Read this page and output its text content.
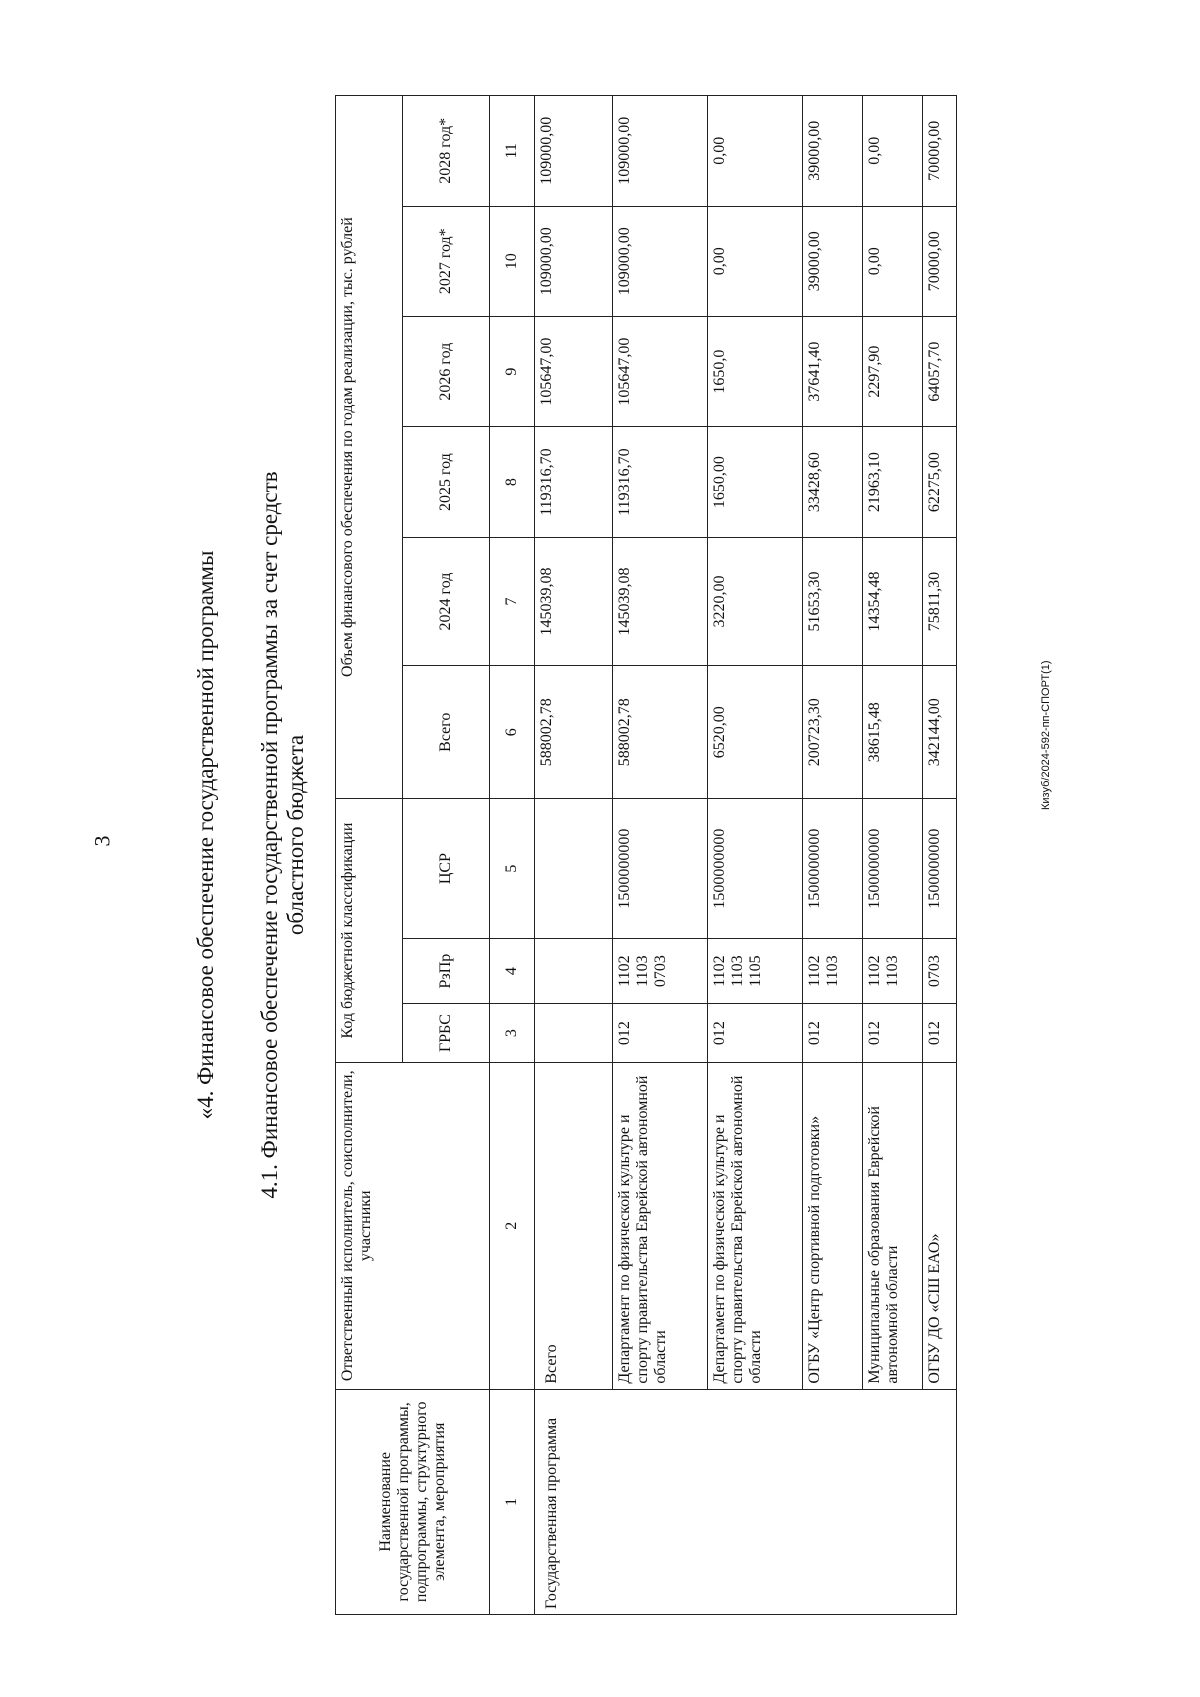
3
Кизуб/2024-592-пп-СПОРТ(1)
«4. Финансовое обеспечение государственной программы 4.1. Финансовое обеспечение государственной программы за счет средств
областного бюджета
Наименование государственной программы, подпрограммы, структурного элемента, мероприятия	Ответственный исполнитель, соисполнители, участники	Код бюджетной классификации			Объем финансового обеспечения по годам реализации, тыс. рублей					
		ГРБС	РзПр	ЦСР	Всего	2024 год	2025 год	2026 год	2027 год*	2028 год*
1	2	3	4	5	6	7	8	9	10	11
Государственная программа	Всего				588002,78	145039,08	119316,70	105647,00	109000,00	109000,00
	Департамент по физической культуре и спорту правительства Еврейской автономной области	012	1102 1103 0703	1500000000	588002,78	145039,08	119316,70	105647,00	109000,00	109000,00
	Департамент по физической культуре и спорту правительства Еврейской автономной области	012	1102 1103 1105	1500000000	6520,00	3220,00	1650,00	1650,0	0,00	0,00
	ОГБУ «Центр спортивной подготовки»	012	1102 1103	1500000000	200723,30	51653,30	33428,60	37641,40	39000,00	39000,00
	Муниципальные образования Еврейской автономной области	012	1102 1103	1500000000	38615,48	14354,48	21963,10	2297,90	0,00	0,00
	ОГБУ ДО «СШ ЕАО»	012	0703	1500000000	342144,00	75811,30	62275,00	64057,70	70000,00	70000,00
